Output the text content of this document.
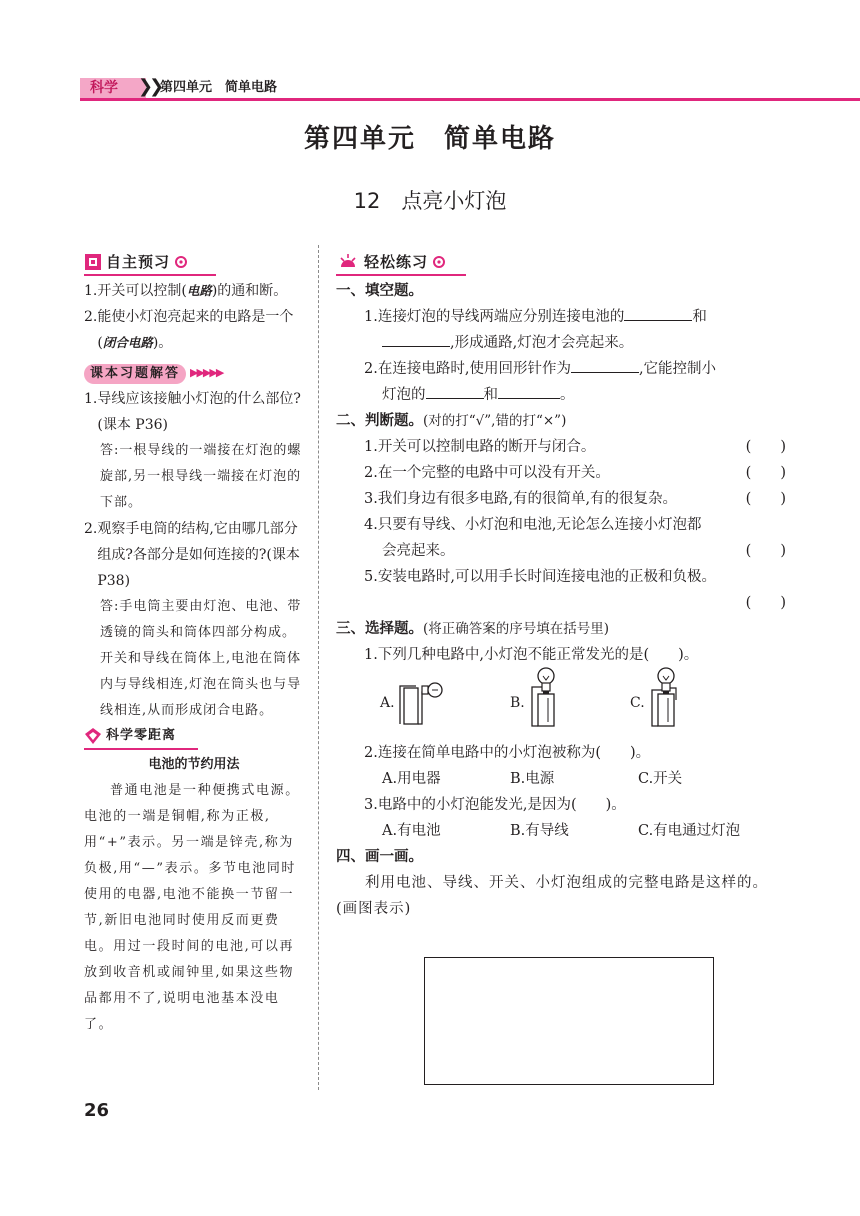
科学	❯❯ 第四单元　简单电路
第四单元　简单电路
12　点亮小灯泡
自主预习
1. 开关可以控制(电路)的通和断。
2. 能使小灯泡亮起来的电路是一个(闭合电路)。
课本习题解答 ▶▶▶▶▶
1. 导线应该接触小灯泡的什么部位?(课本 P36)
答:一根导线的一端接在灯泡的螺旋部,另一根导线一端接在灯泡的下部。
2. 观察手电筒的结构,它由哪几部分组成?各部分是如何连接的?(课本 P38)
答:手电筒主要由灯泡、电池、带透镜的筒头和筒体四部分构成。开关和导线在筒体上,电池在筒体内与导线相连,灯泡在筒头也与导线相连,从而形成闭合电路。
科学零距离
电池的节约用法
普通电池是一种便携式电源。电池的一端是铜帽,称为正极,用“+”表示。另一端是锌壳,称为负极,用“—”表示。多节电池同时使用的电器,电池不能换一节留一节,新旧电池同时使用反而更费电。用过一段时间的电池,可以再放到收音机或闹钟里,如果这些物品都用不了,说明电池基本没电了。
轻松练习
一、填空题。
1.连接灯泡的导线两端应分别连接电池的	和
,形成通路,灯泡才会亮起来。
2.在连接电路时,使用回形针作为	,它能控制小
灯泡的	和	。
二、判断题。(对的打“√”,错的打“×”)
1.开关可以控制电路的断开与闭合。	(　　)
2.在一个完整的电路中可以没有开关。	(　　)
3.我们身边有很多电路,有的很简单,有的很复杂。	(　　)
4.只要有导线、小灯泡和电池,无论怎么连接小灯泡都
会亮起来。	(　　)
5.安装电路时,可以用手长时间连接电池的正极和负极。
(　　)
三、选择题。(将正确答案的序号填在括号里)
1.下列几种电路中,小灯泡不能正常发光的是(　　)。
A.	B.	C.
2.连接在简单电路中的小灯泡被称为(　　)。
A.用电器	B.电源	C.开关
3.电路中的小灯泡能发光,是因为(　　)。
A.有电池	B.有导线	C.有电通过灯泡
四、画一画。
利用电池、导线、开关、小灯泡组成的完整电路是这样的。(画图表示)
26
